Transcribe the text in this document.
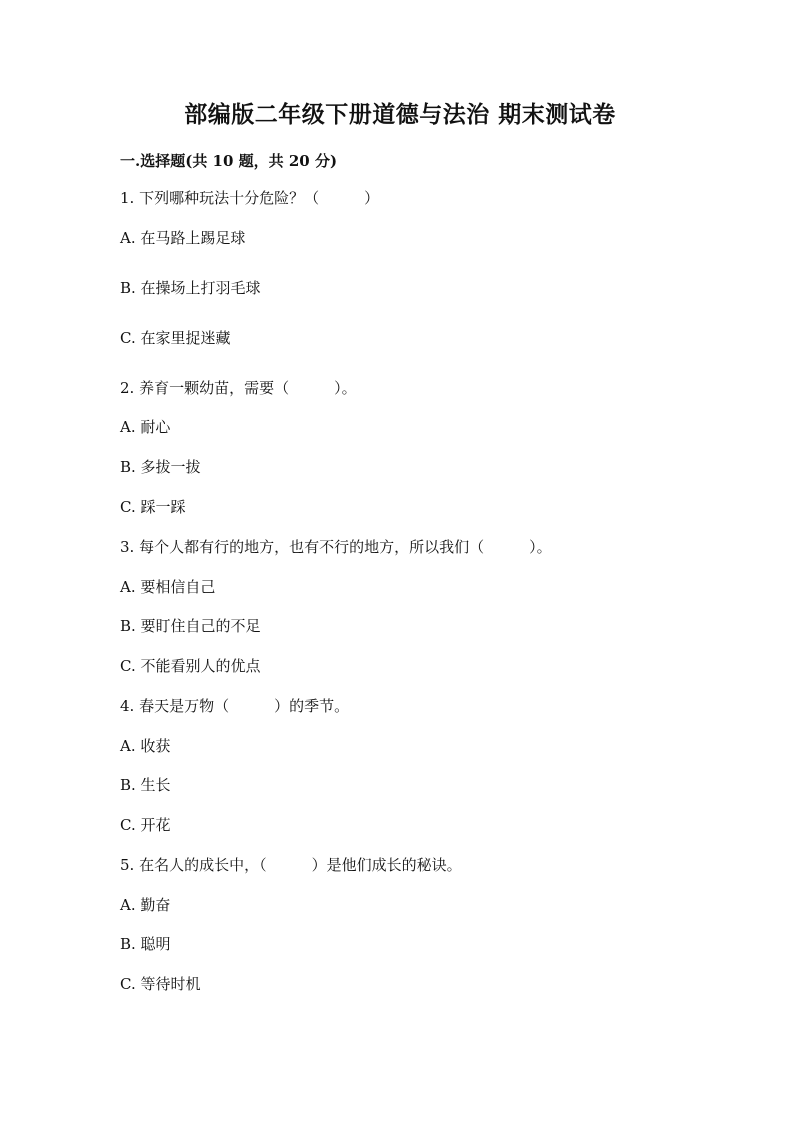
部编版二年级下册道德与法治 期末测试卷
一.选择题(共 10 题，共 20 分)
1. 下列哪种玩法十分危险？（　　　）
A. 在马路上踢足球
B. 在操场上打羽毛球
C. 在家里捉迷藏
2. 养育一颗幼苗，需要（　　　）。
A. 耐心
B. 多拔一拔
C. 踩一踩
3. 每个人都有行的地方，也有不行的地方，所以我们（　　　）。
A. 要相信自己
B. 要盯住自己的不足
C. 不能看别人的优点
4. 春天是万物（　　　）的季节。
A. 收获
B. 生长
C. 开花
5. 在名人的成长中，（　　　）是他们成长的秘诀。
A. 勤奋
B. 聪明
C. 等待时机
